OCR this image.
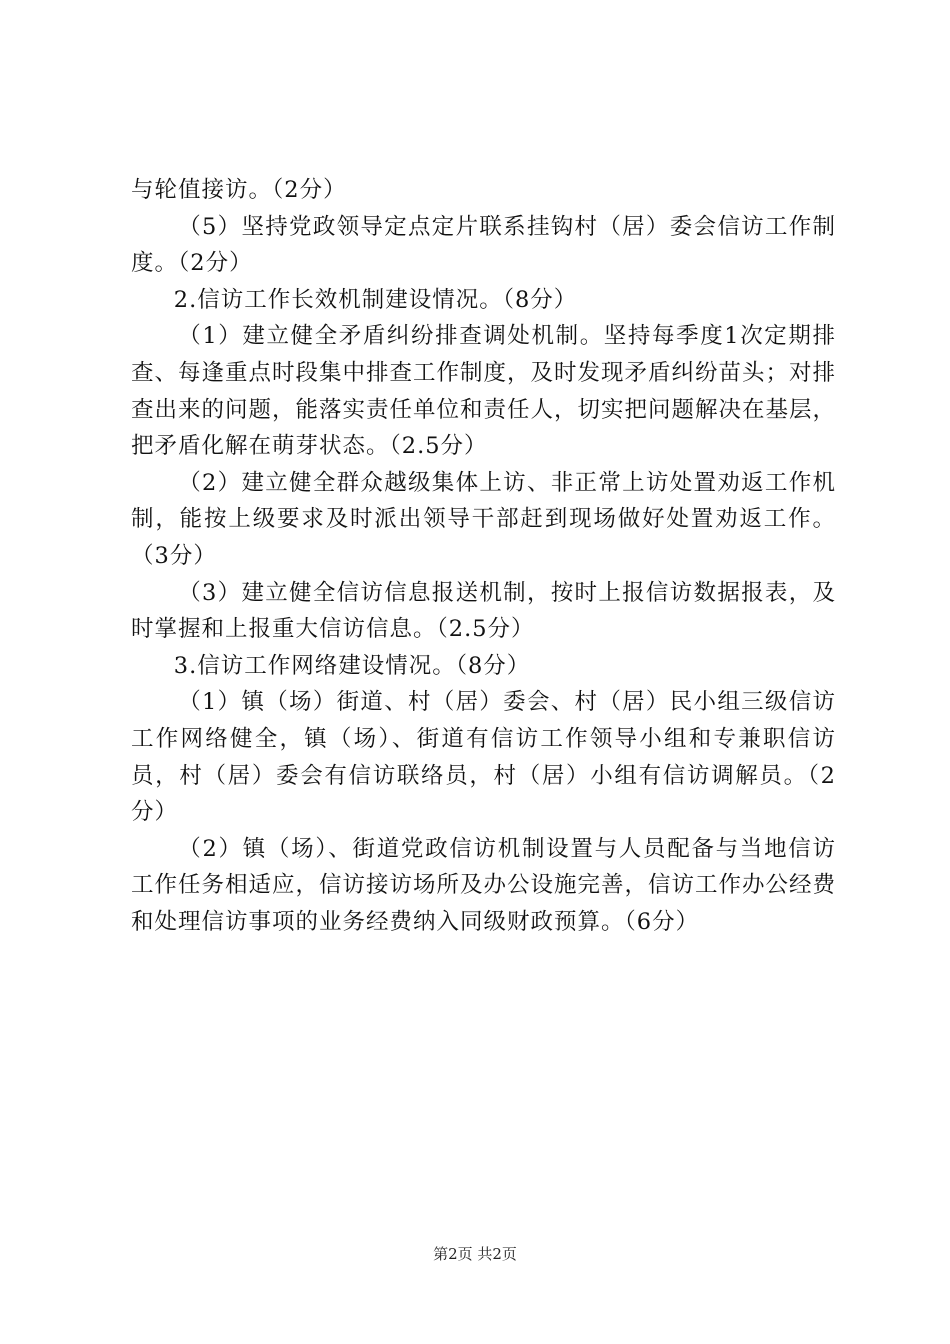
与轮值接访。（2分）

（5）坚持党政领导定点定片联系挂钩村（居）委会信访工作制度。（2分）

2.信访工作长效机制建设情况。（8分）

（1）建立健全矛盾纠纷排查调处机制。坚持每季度1次定期排查、每逢重点时段集中排查工作制度，及时发现矛盾纠纷苗头；对排查出来的问题，能落实责任单位和责任人，切实把问题解决在基层，把矛盾化解在萌芽状态。（2.5分）

（2）建立健全群众越级集体上访、非正常上访处置劝返工作机制，能按上级要求及时派出领导干部赶到现场做好处置劝返工作。（3分）

（3）建立健全信访信息报送机制，按时上报信访数据报表，及时掌握和上报重大信访信息。（2.5分）

3.信访工作网络建设情况。（8分）

（1）镇（场）街道、村（居）委会、村（居）民小组三级信访工作网络健全，镇（场）、街道有信访工作领导小组和专兼职信访员，村（居）委会有信访联络员，村（居）小组有信访调解员。（2分）

（2）镇（场）、街道党政信访机制设置与人员配备与当地信访工作任务相适应，信访接访场所及办公设施完善，信访工作办公经费和处理信访事项的业务经费纳入同级财政预算。（6分）

第2页 共2页
